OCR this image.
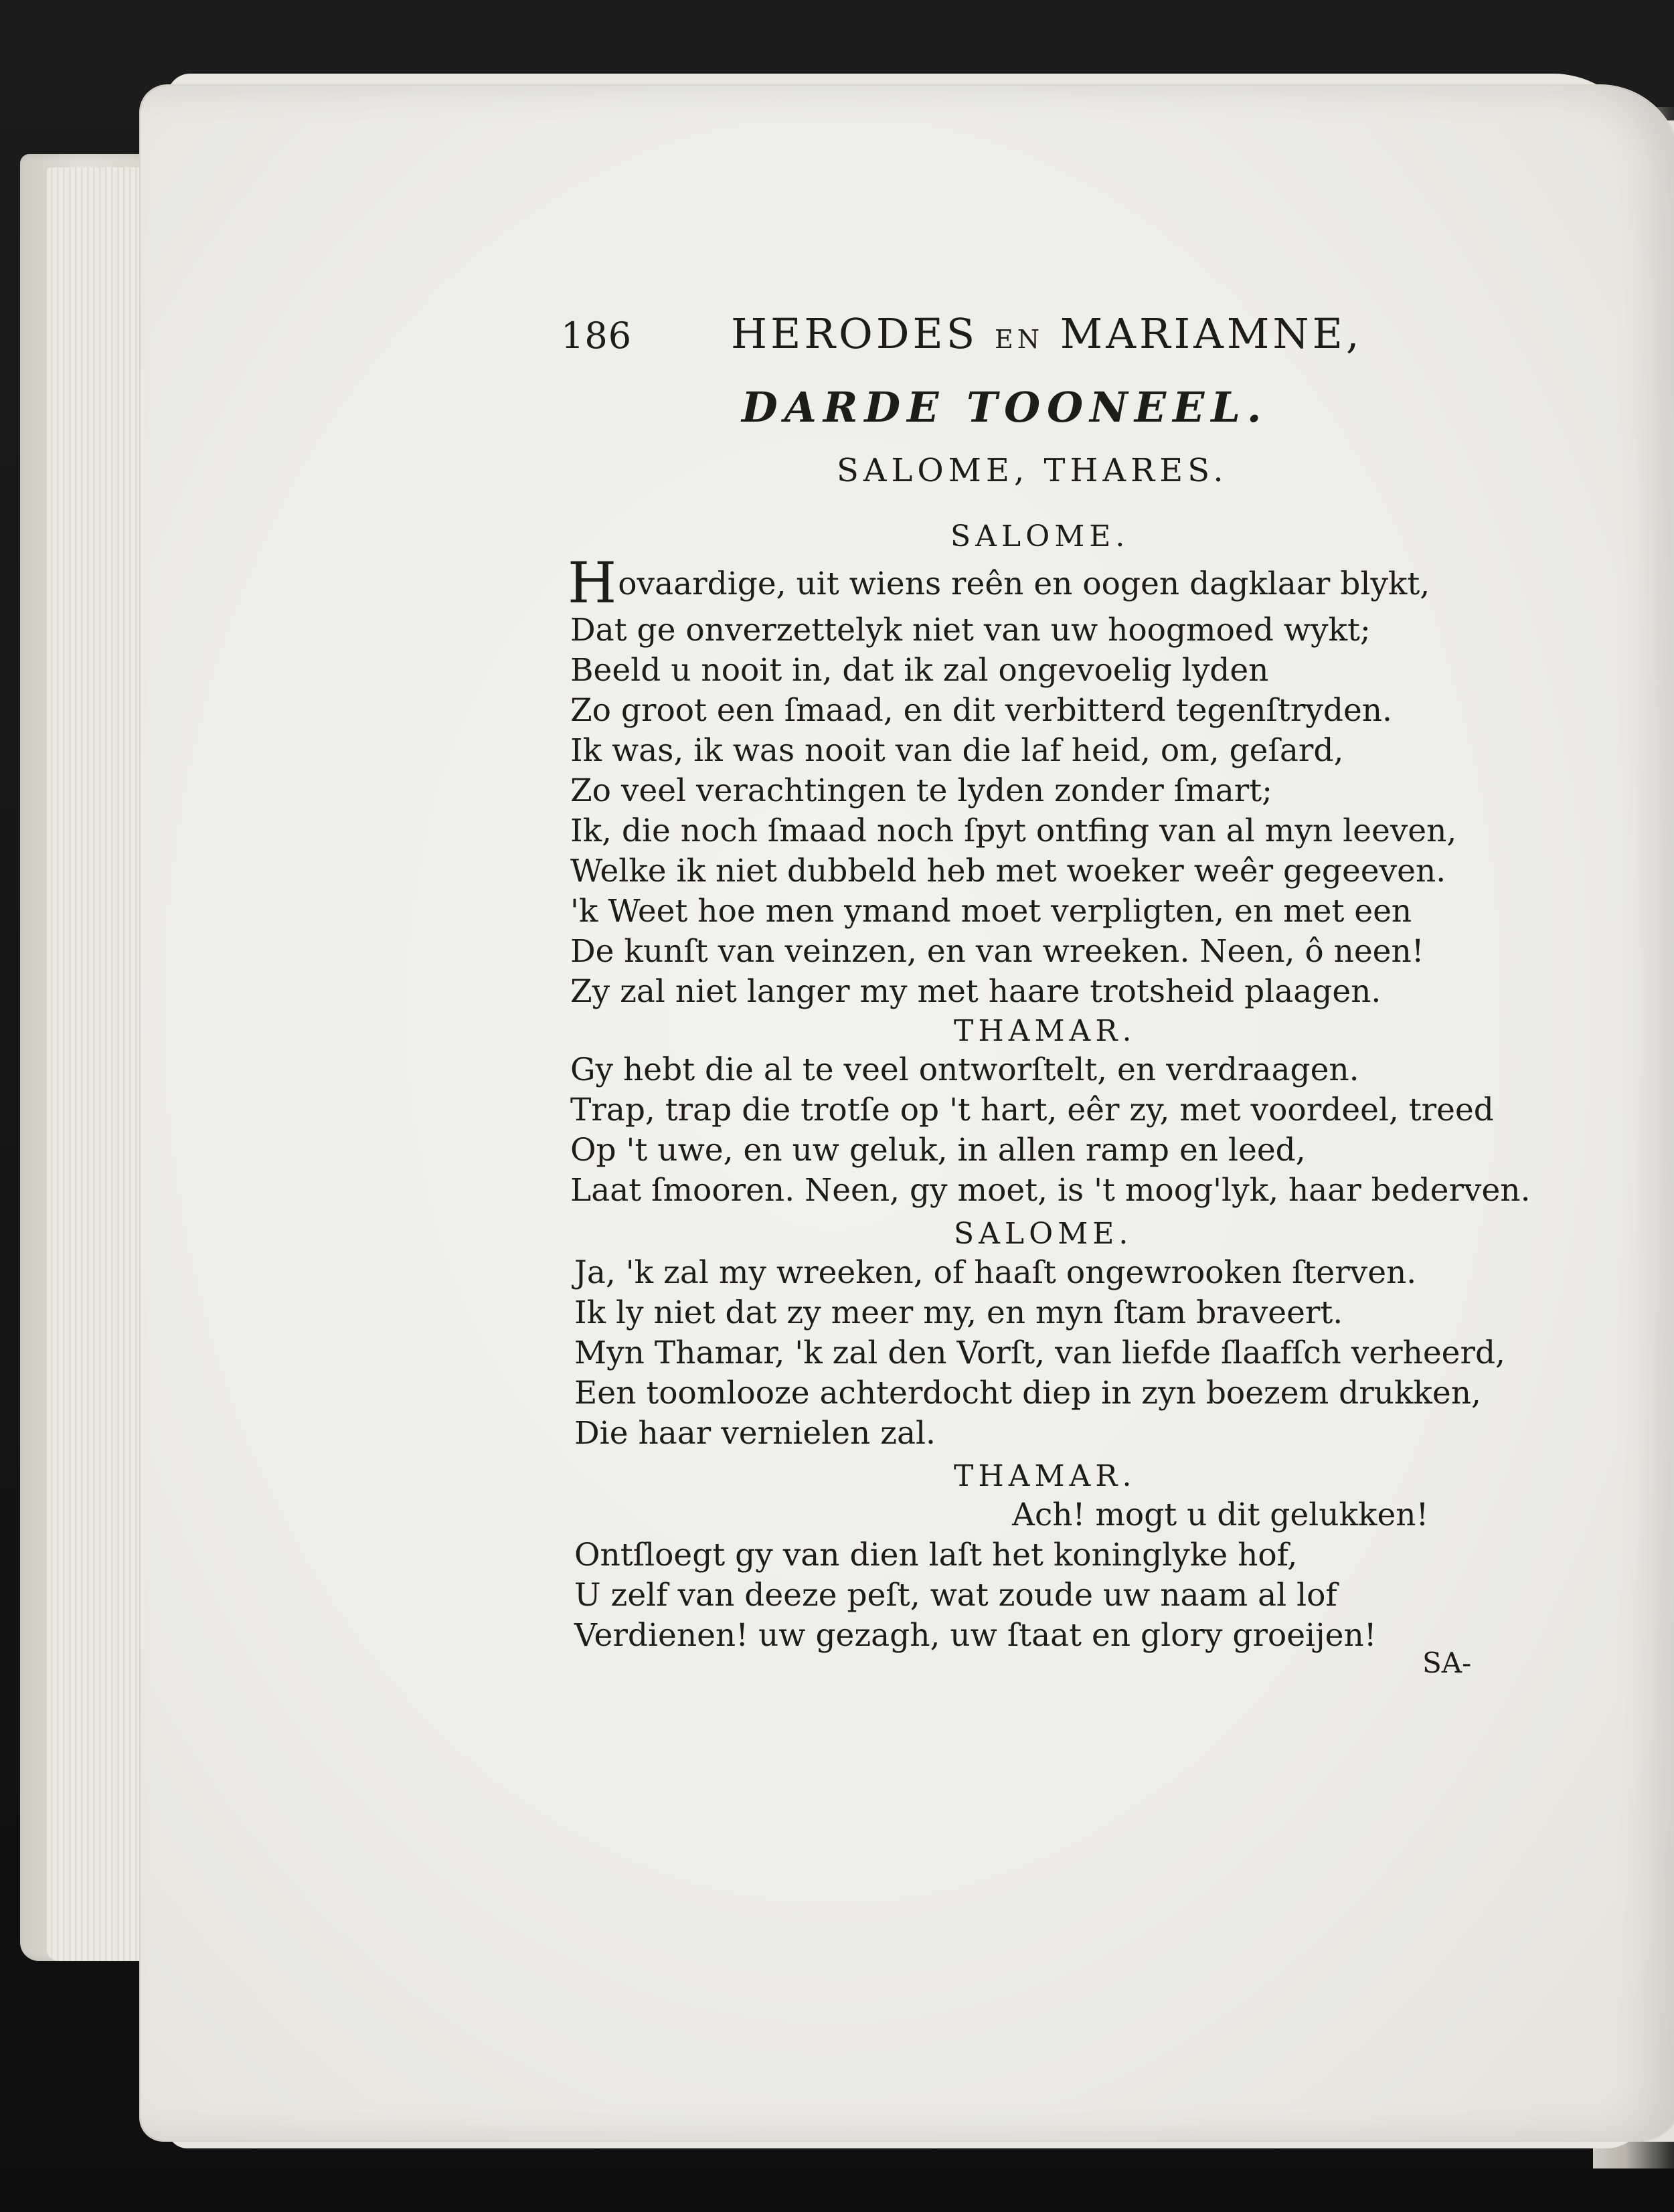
186 HERODES EN MARIAMNE,
DARDE TOONEEL.
SALOME, THARES.
SALOME.
Hovaardige, uit wiens reên en oogen dagklaar blykt,
Dat ge onverzettelyk niet van uw hoogmoed wykt;
Beeld u nooit in, dat ik zal ongevoelig lyden
Zo groot een ſmaad, en dit verbitterd tegenſtryden.
Ik was, ik was nooit van die laf heid, om, geſard,
Zo veel verachtingen te lyden zonder ſmart;
Ik, die noch ſmaad noch ſpyt ontfing van al myn leeven,
Welke ik niet dubbeld heb met woeker weêr gegeeven.
'k Weet hoe men ymand moet verpligten, en met een
De kunſt van veinzen, en van wreeken. Neen, ô neen!
Zy zal niet langer my met haare trotsheid plaagen.
THAMAR.
Gy hebt die al te veel ontworſtelt, en verdraagen.
Trap, trap die trotſe op 't hart, eêr zy, met voordeel, treed
Op 't uwe, en uw geluk, in allen ramp en leed,
Laat ſmooren. Neen, gy moet, is 't moog'lyk, haar bederven.
SALOME.
Ja, 'k zal my wreeken, of haaſt ongewrooken ſterven.
Ik ly niet dat zy meer my, en myn ſtam braveert.
Myn Thamar, 'k zal den Vorſt, van liefde ſlaafſch verheerd,
Een toomlooze achterdocht diep in zyn boezem drukken,
Die haar vernielen zal.
THAMAR.
Ach! mogt u dit gelukken!
Ontſloegt gy van dien laſt het koninglyke hof,
U zelf van deeze peſt, wat zoude uw naam al lof
Verdienen! uw gezagh, uw ſtaat en glory groeijen!
SA-
